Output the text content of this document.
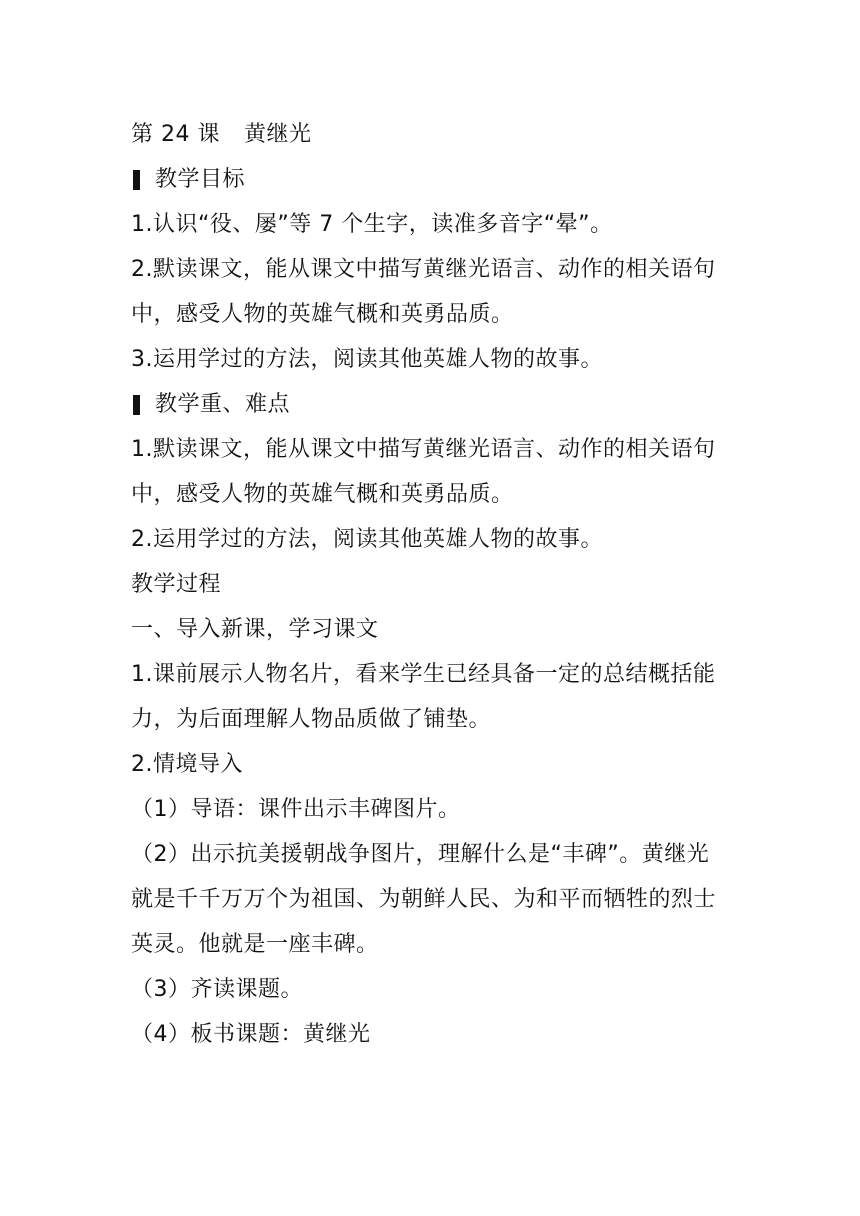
第 24 课 黄继光
教学目标
1.认识“役、屡”等 7 个生字，读准多音字“晕”。
2.默读课文，能从课文中描写黄继光语言、动作的相关语句
中，感受人物的英雄气概和英勇品质。
3.运用学过的方法，阅读其他英雄人物的故事。
教学重、难点
1.默读课文，能从课文中描写黄继光语言、动作的相关语句
中，感受人物的英雄气概和英勇品质。
2.运用学过的方法，阅读其他英雄人物的故事。
教学过程
一、导入新课，学习课文
1.课前展示人物名片，看来学生已经具备一定的总结概括能
力，为后面理解人物品质做了铺垫。
2.情境导入
（1）导语：课件出示丰碑图片。
（2）出示抗美援朝战争图片，理解什么是“丰碑”。黄继光
就是千千万万个为祖国、为朝鲜人民、为和平而牺牲的烈士
英灵。他就是一座丰碑。
（3）齐读课题。
（4）板书课题：黄继光
